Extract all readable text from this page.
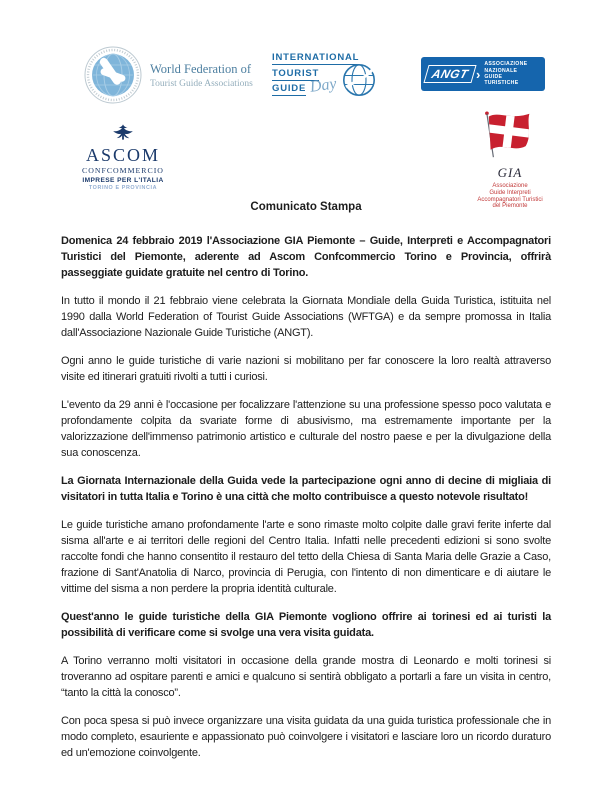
World Federation of
Tourist Guide Associations
INTERNATIONAL
TOURIST
GUIDE Day
ANGT ›
ASSOCIAZIONE
NAZIONALE
GUIDE
TURISTICHE
ASCOM
CONFCOMMERCIO
IMPRESE PER L'ITALIA
TORINO E PROVINCIA
GIA
Associazione
Guide Interpreti
Accompagnatori Turistici
del Piemonte
Comunicato Stampa

Domenica 24 febbraio 2019 l'Associazione GIA Piemonte – Guide, Interpreti e Accompagnatori Turistici del Piemonte, aderente ad Ascom Confcommercio Torino e Provincia, offrirà passeggiate guidate gratuite nel centro di Torino.

In tutto il mondo il 21 febbraio viene celebrata la Giornata Mondiale della Guida Turistica, istituita nel 1990 dalla World Federation of Tourist Guide Associations (WFTGA) e da sempre promossa in Italia dall'Associazione Nazionale Guide Turistiche (ANGT).

Ogni anno le guide turistiche di varie nazioni si mobilitano per far conoscere la loro realtà attraverso visite ed itinerari gratuiti rivolti a tutti i curiosi.

L'evento da 29 anni è l'occasione per focalizzare l'attenzione su una professione spesso poco valutata e profondamente colpita da svariate forme di abusivismo, ma estremamente importante per la valorizzazione dell'immenso patrimonio artistico e culturale del nostro paese e per la divulgazione della sua conoscenza.

La Giornata Internazionale della Guida vede la partecipazione ogni anno di decine di migliaia di visitatori in tutta Italia e Torino è una città che molto contribuisce a questo notevole risultato!

Le guide turistiche amano profondamente l'arte e sono rimaste molto colpite dalle gravi ferite inferte dal sisma all'arte e ai territori delle regioni del Centro Italia. Infatti nelle precedenti edizioni si sono svolte raccolte fondi che hanno consentito il restauro del tetto della Chiesa di Santa Maria delle Grazie a Caso, frazione di Sant'Anatolia di Narco, provincia di Perugia, con l'intento di non dimenticare e di aiutare le vittime del sisma a non perdere la propria identità culturale.

Quest'anno le guide turistiche della GIA Piemonte vogliono offrire ai torinesi ed ai turisti la possibilità di verificare come si svolge una vera visita guidata.

A Torino verranno molti visitatori in occasione della grande mostra di Leonardo e molti torinesi si troveranno ad ospitare parenti e amici e qualcuno si sentirà obbligato a portarli a fare un visita in centro, “tanto la città la conosco”.

Con poca spesa si può invece organizzare una visita guidata da una guida turistica professionale che in modo completo, esauriente e appassionato può coinvolgere i visitatori e lasciare loro un ricordo duraturo ed un'emozione coinvolgente.
